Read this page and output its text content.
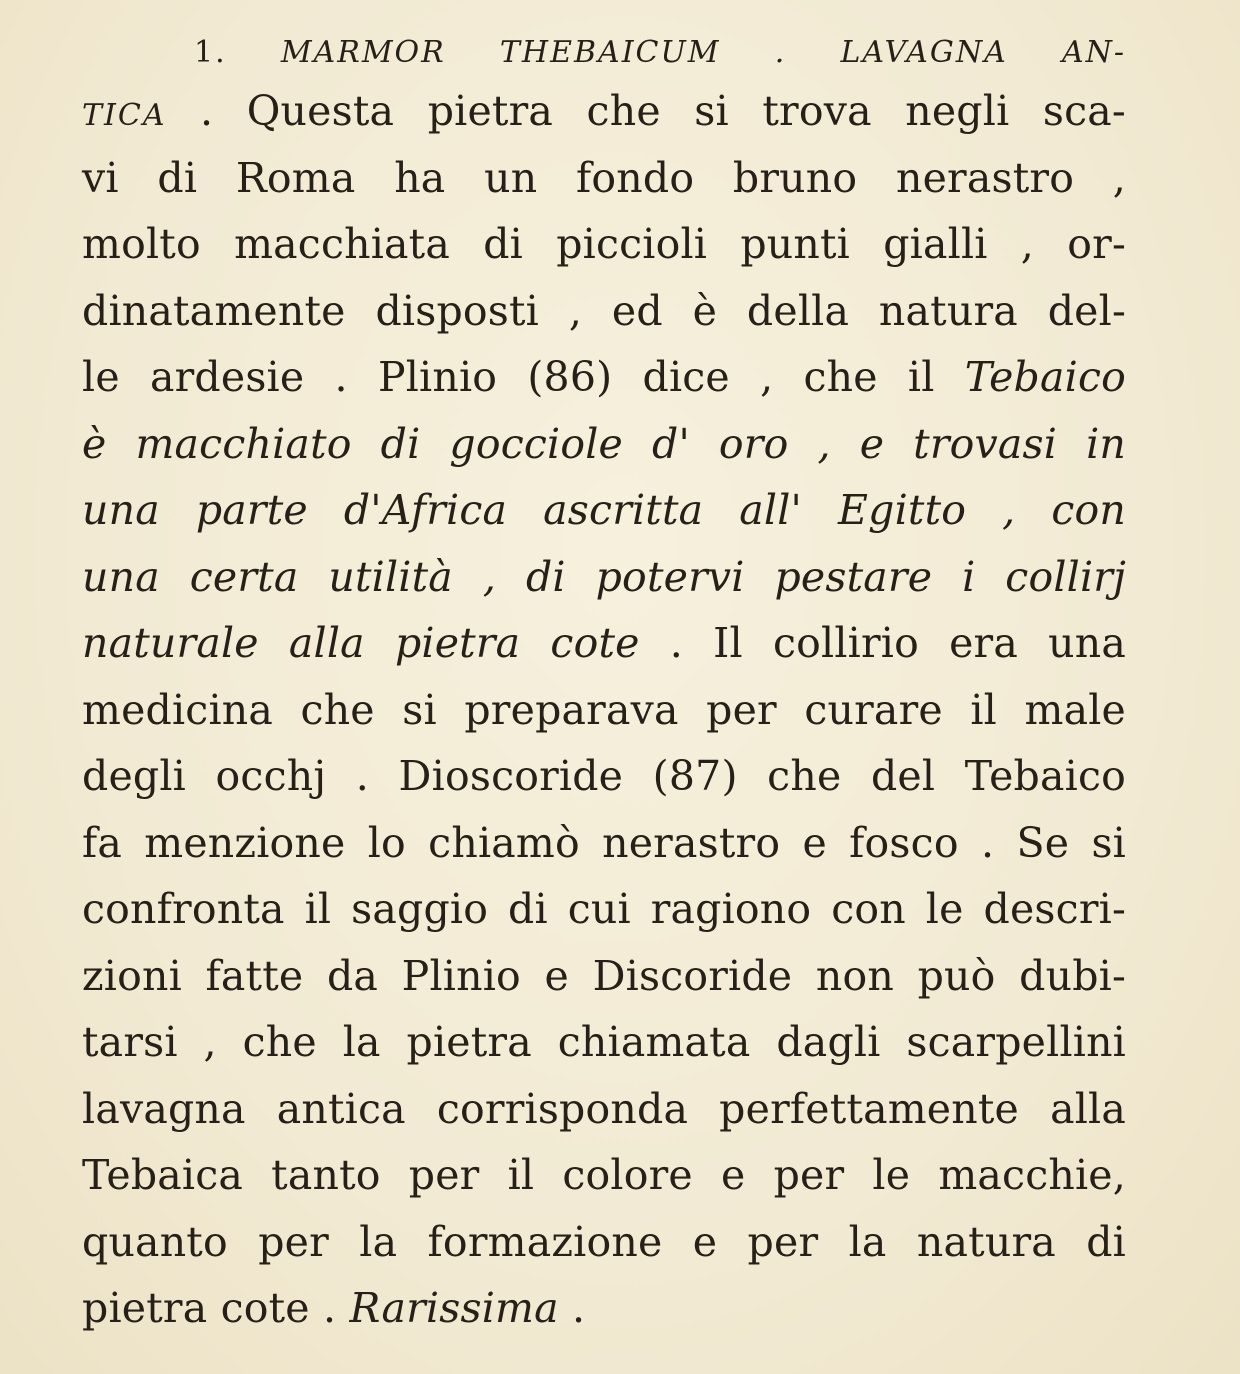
1. MARMOR THEBAICUM . LAVAGNA AN-
TICA . Questa pietra che si trova negli sca-
vi di Roma ha un fondo bruno nerastro ,
molto macchiata di piccioli punti gialli , or-
dinatamente disposti , ed è della natura del-
le ardesie . Plinio (86) dice , che il Tebaico
è macchiato di gocciole d' oro , e trovasi in
una parte d'Africa ascritta all' Egitto , con
una certa utilità , di potervi pestare i collirj
naturale alla pietra cote . Il collirio era una
medicina che si preparava per curare il male
degli occhj . Dioscoride (87) che del Tebaico
fa menzione lo chiamò nerastro e fosco . Se si
confronta il saggio di cui ragiono con le descri-
zioni fatte da Plinio e Discoride non può dubi-
tarsi , che la pietra chiamata dagli scarpellini
lavagna antica corrisponda perfettamente alla
Tebaica tanto per il colore e per le macchie,
quanto per la formazione e per la natura di
pietra cote . Rarissima .
